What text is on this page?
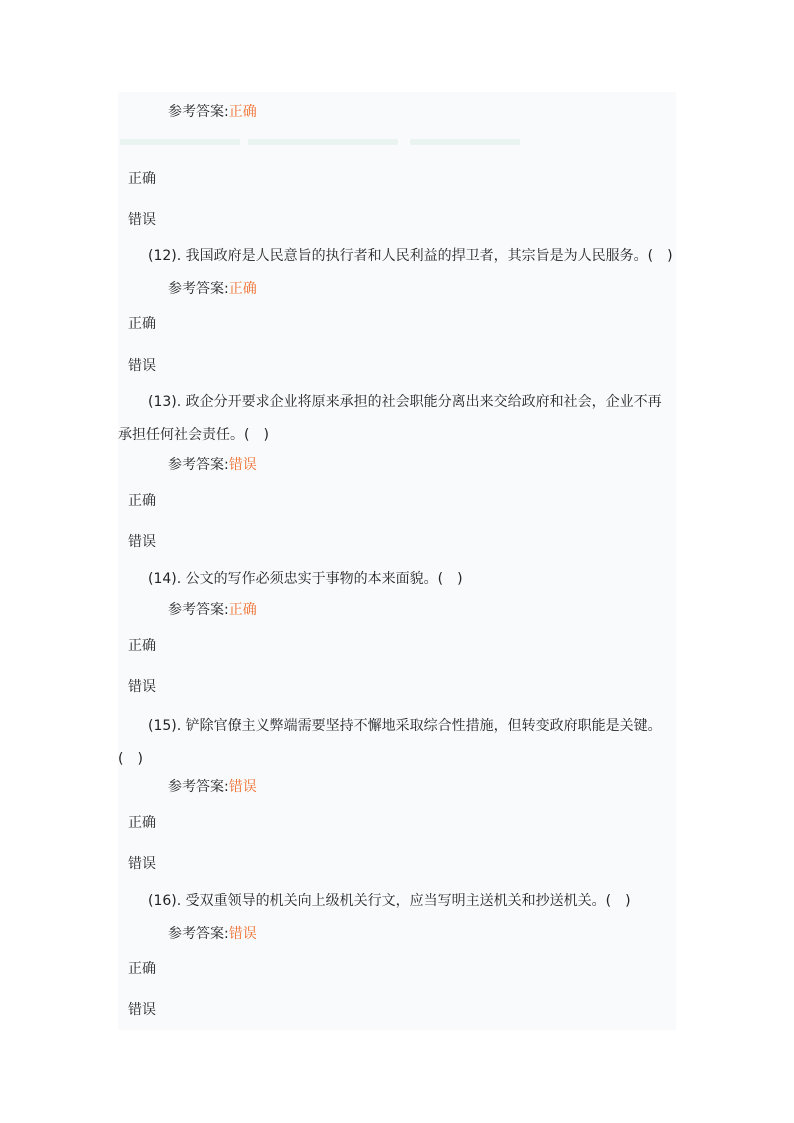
参考答案:正确
正确
错误
(12). 我国政府是人民意旨的执行者和人民利益的捍卫者，其宗旨是为人民服务。(　)
参考答案:正确
正确
错误
(13). 政企分开要求企业将原来承担的社会职能分离出来交给政府和社会，企业不再
承担任何社会责任。(　)
参考答案:错误
正确
错误
(14). 公文的写作必须忠实于事物的本来面貌。(　)
参考答案:正确
正确
错误
(15). 铲除官僚主义弊端需要坚持不懈地采取综合性措施，但转变政府职能是关键。
(　)
参考答案:错误
正确
错误
(16). 受双重领导的机关向上级机关行文，应当写明主送机关和抄送机关。(　)
参考答案:错误
正确
错误
